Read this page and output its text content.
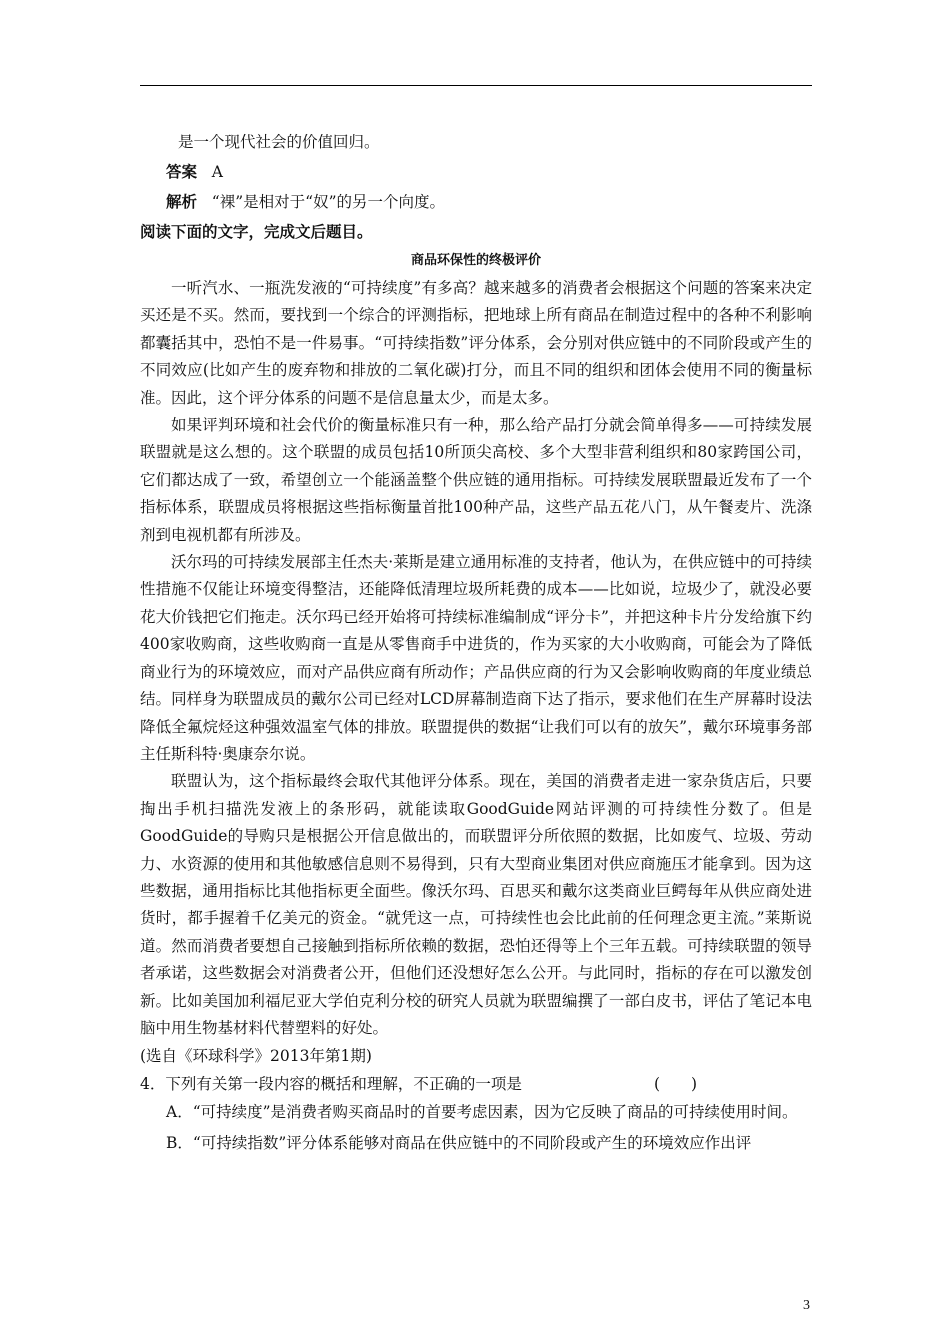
是一个现代社会的价值回归。

答案 A

解析 “裸”是相对于“奴”的另一个向度。

阅读下面的文字，完成文后题目。

商品环保性的终极评价

一听汽水、一瓶洗发液的“可持续度”有多高？越来越多的消费者会根据这个问题的答案来决定买还是不买。然而，要找到一个综合的评测指标，把地球上所有商品在制造过程中的各种不利影响都囊括其中，恐怕不是一件易事。“可持续指数”评分体系，会分别对供应链中的不同阶段或产生的不同效应(比如产生的废弃物和排放的二氧化碳)打分，而且不同的组织和团体会使用不同的衡量标准。因此，这个评分体系的问题不是信息量太少，而是太多。

如果评判环境和社会代价的衡量标准只有一种，那么给产品打分就会简单得多——可持续发展联盟就是这么想的。这个联盟的成员包括10所顶尖高校、多个大型非营利组织和80家跨国公司，它们都达成了一致，希望创立一个能涵盖整个供应链的通用指标。可持续发展联盟最近发布了一个指标体系，联盟成员将根据这些指标衡量首批100种产品，这些产品五花八门，从午餐麦片、洗涤剂到电视机都有所涉及。

沃尔玛的可持续发展部主任杰夫·莱斯是建立通用标准的支持者，他认为，在供应链中的可持续性措施不仅能让环境变得整洁，还能降低清理垃圾所耗费的成本——比如说，垃圾少了，就没必要花大价钱把它们拖走。沃尔玛已经开始将可持续标准编制成“评分卡”，并把这种卡片分发给旗下约400家收购商，这些收购商一直是从零售商手中进货的，作为买家的大小收购商，可能会为了降低商业行为的环境效应，而对产品供应商有所动作；产品供应商的行为又会影响收购商的年度业绩总结。同样身为联盟成员的戴尔公司已经对LCD屏幕制造商下达了指示，要求他们在生产屏幕时设法降低全氟烷烃这种强效温室气体的排放。联盟提供的数据“让我们可以有的放矢”，戴尔环境事务部主任斯科特·奥康奈尔说。

联盟认为，这个指标最终会取代其他评分体系。现在，美国的消费者走进一家杂货店后，只要掏出手机扫描洗发液上的条形码，就能读取GoodGuide网站评测的可持续性分数了。但是GoodGuide的导购只是根据公开信息做出的，而联盟评分所依照的数据，比如废气、垃圾、劳动力、水资源的使用和其他敏感信息则不易得到，只有大型商业集团对供应商施压才能拿到。因为这些数据，通用指标比其他指标更全面些。像沃尔玛、百思买和戴尔这类商业巨鳄每年从供应商处进货时，都手握着千亿美元的资金。“就凭这一点，可持续性也会比此前的任何理念更主流。”莱斯说道。然而消费者要想自己接触到指标所依赖的数据，恐怕还得等上个三年五载。可持续联盟的领导者承诺，这些数据会对消费者公开，但他们还没想好怎么公开。与此同时，指标的存在可以激发创新。比如美国加利福尼亚大学伯克利分校的研究人员就为联盟编撰了一部白皮书，评估了笔记本电脑中用生物基材料代替塑料的好处。

(选自《环球科学》2013年第1期)

4．下列有关第一段内容的概括和理解，不正确的一项是	(　　)

A．“可持续度”是消费者购买商品时的首要考虑因素，因为它反映了商品的可持续使用时间。

B．“可持续指数”评分体系能够对商品在供应链中的不同阶段或产生的环境效应作出评

3
